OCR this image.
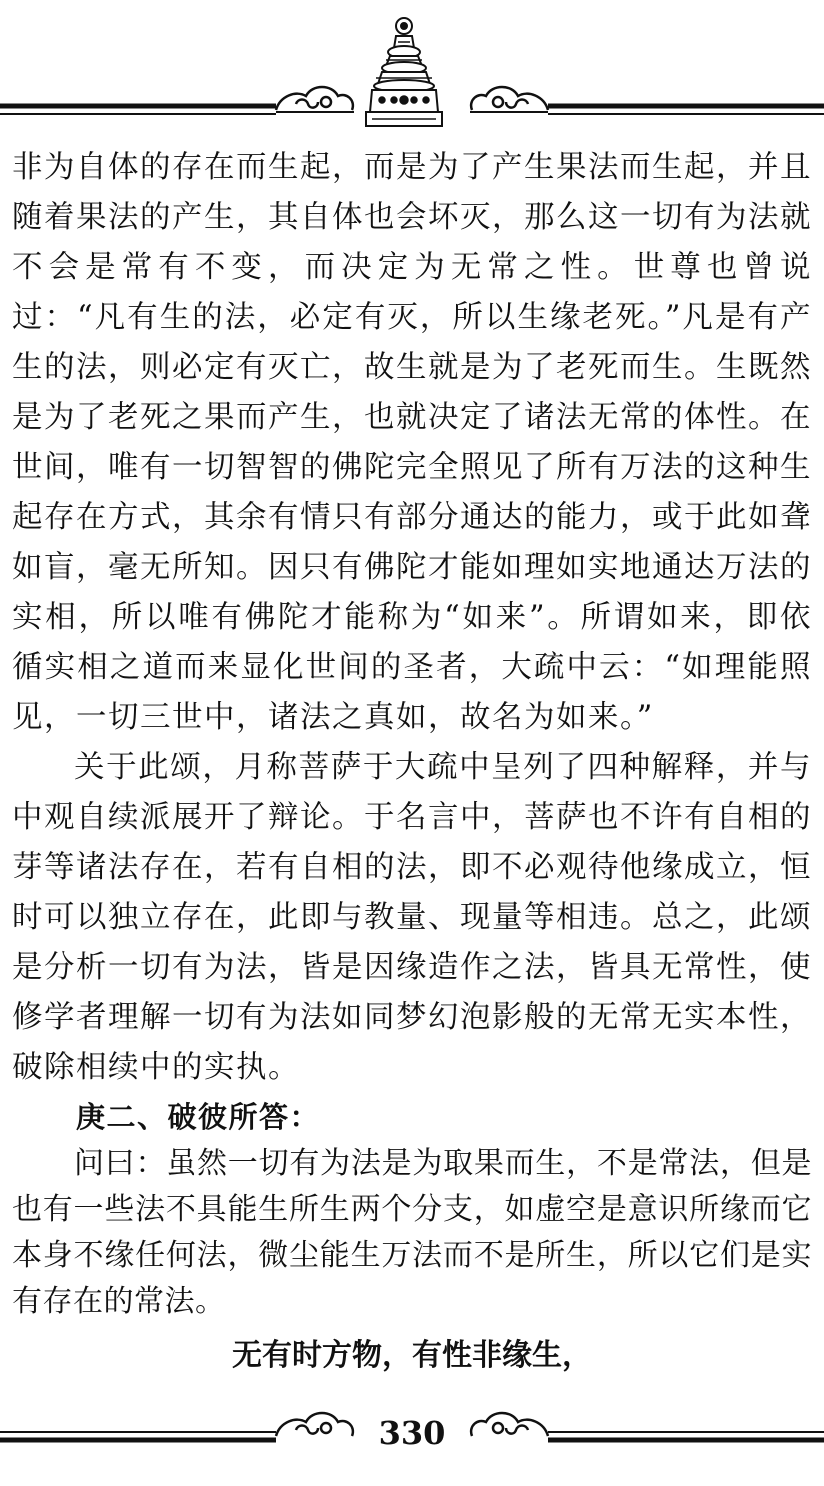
非为自体的存在而生起，而是为了产生果法而生起，并且随着果法的产生，其自体也会坏灭，那么这一切有为法就不会是常有不变，而决定为无常之性。世尊也曾说过：“凡有生的法，必定有灭，所以生缘老死。”凡是有产生的法，则必定有灭亡，故生就是为了老死而生。生既然是为了老死之果而产生，也就决定了诸法无常的体性。在世间，唯有一切智智的佛陀完全照见了所有万法的这种生起存在方式，其余有情只有部分通达的能力，或于此如聋如盲，毫无所知。因只有佛陀才能如理如实地通达万法的实相，所以唯有佛陀才能称为“如来”。所谓如来，即依循实相之道而来显化世间的圣者，大疏中云：“如理能照见，一切三世中，诸法之真如，故名为如来。”

关于此颂，月称菩萨于大疏中呈列了四种解释，并与中观自续派展开了辩论。于名言中，菩萨也不许有自相的芽等诸法存在，若有自相的法，即不必观待他缘成立，恒时可以独立存在，此即与教量、现量等相违。总之，此颂是分析一切有为法，皆是因缘造作之法，皆具无常性，使修学者理解一切有为法如同梦幻泡影般的无常无实本性，破除相续中的实执。

庚二、破彼所答：

问曰：虽然一切有为法是为取果而生，不是常法，但是也有一些法不具能生所生两个分支，如虚空是意识所缘而它本身不缘任何法，微尘能生万法而不是所生，所以它们是实有存在的常法。

无有时方物，有性非缘生，
330
